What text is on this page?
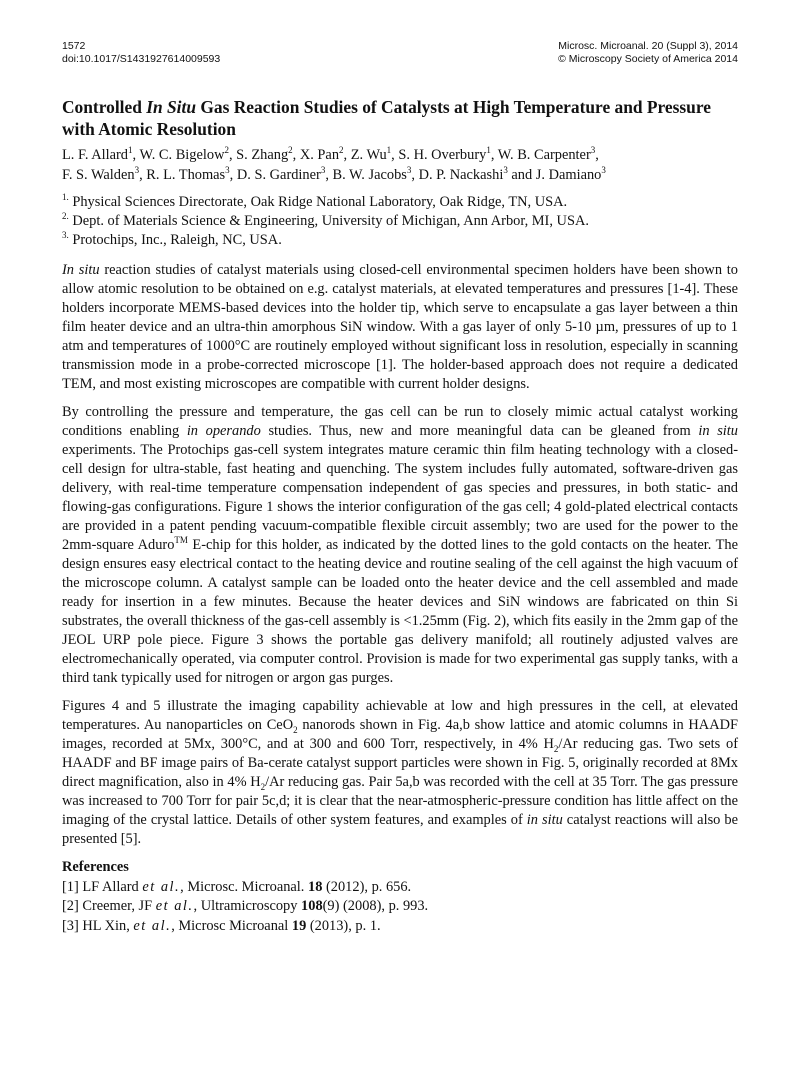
1572
doi:10.1017/S1431927614009593
Microsc. Microanal. 20 (Suppl 3), 2014
© Microscopy Society of America 2014
Controlled In Situ Gas Reaction Studies of Catalysts at High Temperature and Pressure with Atomic Resolution
L. F. Allard$^1$, W. C. Bigelow$^2$, S. Zhang$^2$, X. Pan$^2$, Z. Wu$^1$, S. H. Overbury$^1$, W. B. Carpenter$^3$,
F. S. Walden$^3$, R. L. Thomas$^3$, D. S. Gardiner$^3$, B. W. Jacobs$^3$, D. P. Nackashi$^3$ and J. Damiano$^3$
$^{1.}$ Physical Sciences Directorate, Oak Ridge National Laboratory, Oak Ridge, TN, USA.
$^{2.}$ Dept. of Materials Science & Engineering, University of Michigan, Ann Arbor, MI, USA.
$^{3.}$ Protochips, Inc., Raleigh, NC, USA.

In situ reaction studies of catalyst materials using closed-cell environmental specimen holders have been shown to allow atomic resolution to be obtained on e.g. catalyst materials, at elevated temperatures and pressures [1-4]. These holders incorporate MEMS-based devices into the holder tip, which serve to encapsulate a gas layer between a thin film heater device and an ultra-thin amorphous SiN window. With a gas layer of only 5-10 µm, pressures of up to 1 atm and temperatures of 1000°C are routinely employed without significant loss in resolution, especially in scanning transmission mode in a probe-corrected microscope [1]. The holder-based approach does not require a dedicated TEM, and most existing microscopes are compatible with current holder designs.

By controlling the pressure and temperature, the gas cell can be run to closely mimic actual catalyst working conditions enabling in operando studies. Thus, new and more meaningful data can be gleaned from in situ experiments. The Protochips gas-cell system integrates mature ceramic thin film heating technology with a closed-cell design for ultra-stable, fast heating and quenching. The system includes fully automated, software-driven gas delivery, with real-time temperature compensation independent of gas species and pressures, in both static- and flowing-gas configurations. Figure 1 shows the interior configuration of the gas cell; 4 gold-plated electrical contacts are provided in a patent pending vacuum-compatible flexible circuit assembly; two are used for the power to the 2mm-square Aduro™ E-chip for this holder, as indicated by the dotted lines to the gold contacts on the heater. The design ensures easy electrical contact to the heating device and routine sealing of the cell against the high vacuum of the microscope column. A catalyst sample can be loaded onto the heater device and the cell assembled and made ready for insertion in a few minutes. Because the heater devices and SiN windows are fabricated on thin Si substrates, the overall thickness of the gas-cell assembly is <1.25mm (Fig. 2), which fits easily in the 2mm gap of the JEOL URP pole piece. Figure 3 shows the portable gas delivery manifold; all routinely adjusted valves are electromechanically operated, via computer control. Provision is made for two experimental gas supply tanks, with a third tank typically used for nitrogen or argon gas purges.

Figures 4 and 5 illustrate the imaging capability achievable at low and high pressures in the cell, at elevated temperatures. Au nanoparticles on CeO$_2$ nanorods shown in Fig. 4a,b show lattice and atomic columns in HAADF images, recorded at 5Mx, 300°C, and at 300 and 600 Torr, respectively, in 4% $H_2/Ar$ reducing gas. Two sets of HAADF and BF image pairs of Ba-cerate catalyst support particles were shown in Fig. 5, originally recorded at 8Mx direct magnification, also in 4% $H_2/Ar$ reducing gas. Pair 5a,b was recorded with the cell at 35 Torr. The gas pressure was increased to 700 Torr for pair 5c,d; it is clear that the near-atmospheric-pressure condition has little affect on the imaging of the crystal lattice. Details of other system features, and examples of in situ catalyst reactions will also be presented [5].

References
[1] LF Allard et al., Microsc. Microanal. 18 (2012), p. 656.
[2] Creemer, JF et al., Ultramicroscopy 108(9) (2008), p. 993.
[3] HL Xin, et al., Microsc Microanal 19 (2013), p. 1.
